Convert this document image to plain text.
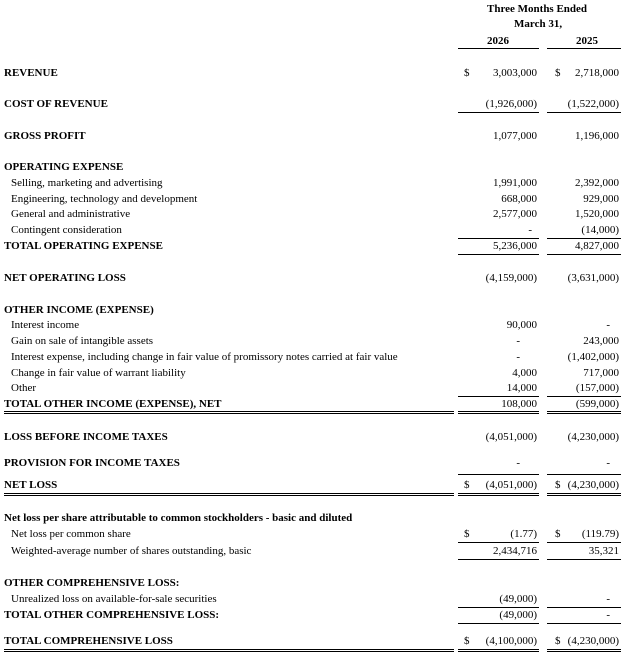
Three Months Ended
March 31,
2026	2025
REVENUE	$ 3,003,000 $ 2,718,000
COST OF REVENUE	(1,926,000)	(1,522,000)
GROSS PROFIT	1,077,000	1,196,000
OPERATING EXPENSE
Selling, marketing and advertising	1,991,000	2,392,000
Engineering, technology and development	668,000	929,000
General and administrative	2,577,000	1,520,000
Contingent consideration	-	(14,000)
TOTAL OPERATING EXPENSE	5,236,000	4,827,000
NET OPERATING LOSS	(4,159,000)	(3,631,000)
OTHER INCOME (EXPENSE)
Interest income	90,000	-
Gain on sale of intangible assets	-	243,000
Interest expense, including change in fair value of promissory notes carried at fair value	-	(1,402,000)
Change in fair value of warrant liability	4,000	717,000
Other	14,000	(157,000)
TOTAL OTHER INCOME (EXPENSE), NET	108,000	(599,000)
LOSS BEFORE INCOME TAXES	(4,051,000)	(4,230,000)
PROVISION FOR INCOME TAXES	-	-
NET LOSS	$ (4,051,000) $ (4,230,000)
Net loss per share attributable to common stockholders - basic and diluted
Net loss per common share	$	(1.77) $ (119.79)
Weighted-average number of shares outstanding, basic	2,434,716	35,321
OTHER COMPREHENSIVE LOSS:
Unrealized loss on available-for-sale securities	(49,000)	-
TOTAL OTHER COMPREHENSIVE LOSS:	(49,000)	-
TOTAL COMPREHENSIVE LOSS	$ (4,100,000) $ (4,230,000)
